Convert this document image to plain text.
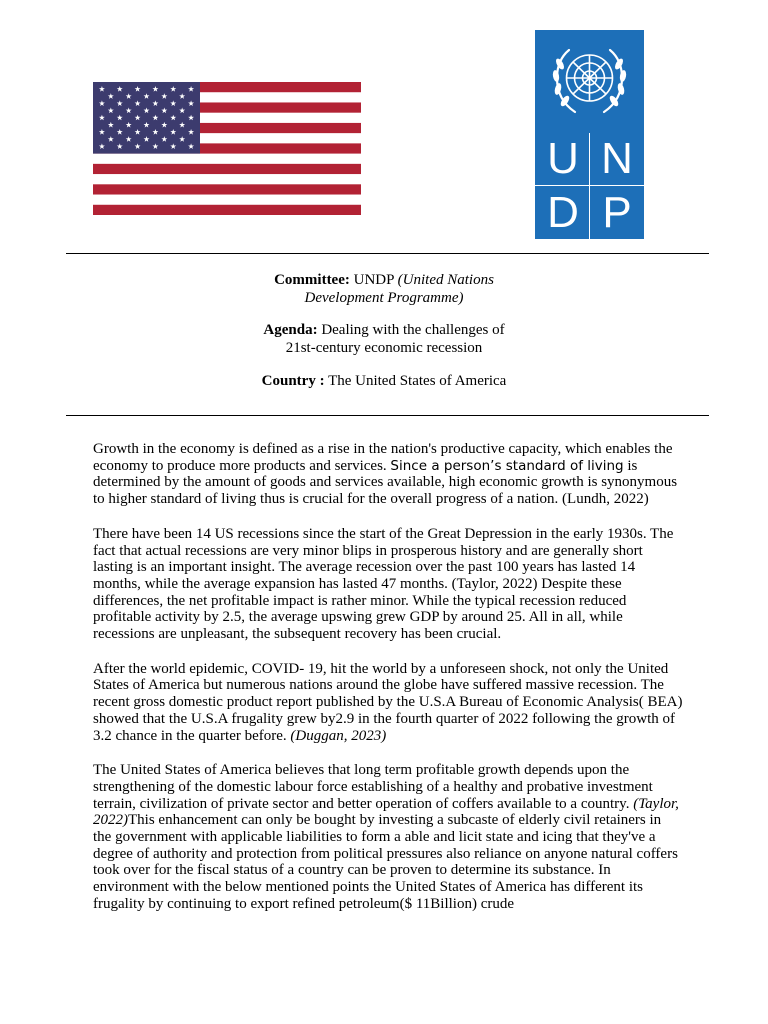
U N
D P
Committee: UNDP (United Nations
Development Programme)
Agenda: Dealing with the challenges of
21st-century economic recession
Country : The United States of America

Growth in the economy is defined as a rise in the nation's productive capacity, which enables the economy to produce more products and services. Since a person’s standard of living is determined by the amount of goods and services available, high economic growth is synonymous to higher standard of living thus is crucial for the overall progress of a nation. (Lundh, 2022)

There have been 14 US recessions since the start of the Great Depression in the early 1930s. The fact that actual recessions are very minor blips in prosperous history and are generally short lasting is an important insight. The average recession over the past 100 years has lasted 14 months, while the average expansion has lasted 47 months. (Taylor, 2022) Despite these differences, the net profitable impact is rather minor. While the typical recession reduced profitable activity by 2.5, the average upswing grew GDP by around 25. All in all, while recessions are unpleasant, the subsequent recovery has been crucial.

After the world epidemic, COVID- 19, hit the world by a unforeseen shock, not only the United States of America but numerous nations around the globe have suffered massive recession. The recent gross domestic product report published by the U.S.A Bureau of Economic Analysis( BEA) showed that the U.S.A frugality grew by2.9 in the fourth quarter of 2022 following the growth of 3.2 chance in the quarter before. (Duggan, 2023)

The United States of America believes that long term profitable growth depends upon the strengthening of the domestic labour force establishing of a healthy and probative investment terrain, civilization of private sector and better operation of coffers available to a country. (Taylor, 2022)This enhancement can only be bought by investing a subcaste of elderly civil retainers in the government with applicable liabilities to form a able and licit state and icing that they've a degree of authority and protection from political pressures also reliance on anyone natural coffers took over for the fiscal status of a country can be proven to determine its substance. In environment with the below mentioned points the United States of America has different its frugality by continuing to export refined petroleum($ 11Billion) crude
